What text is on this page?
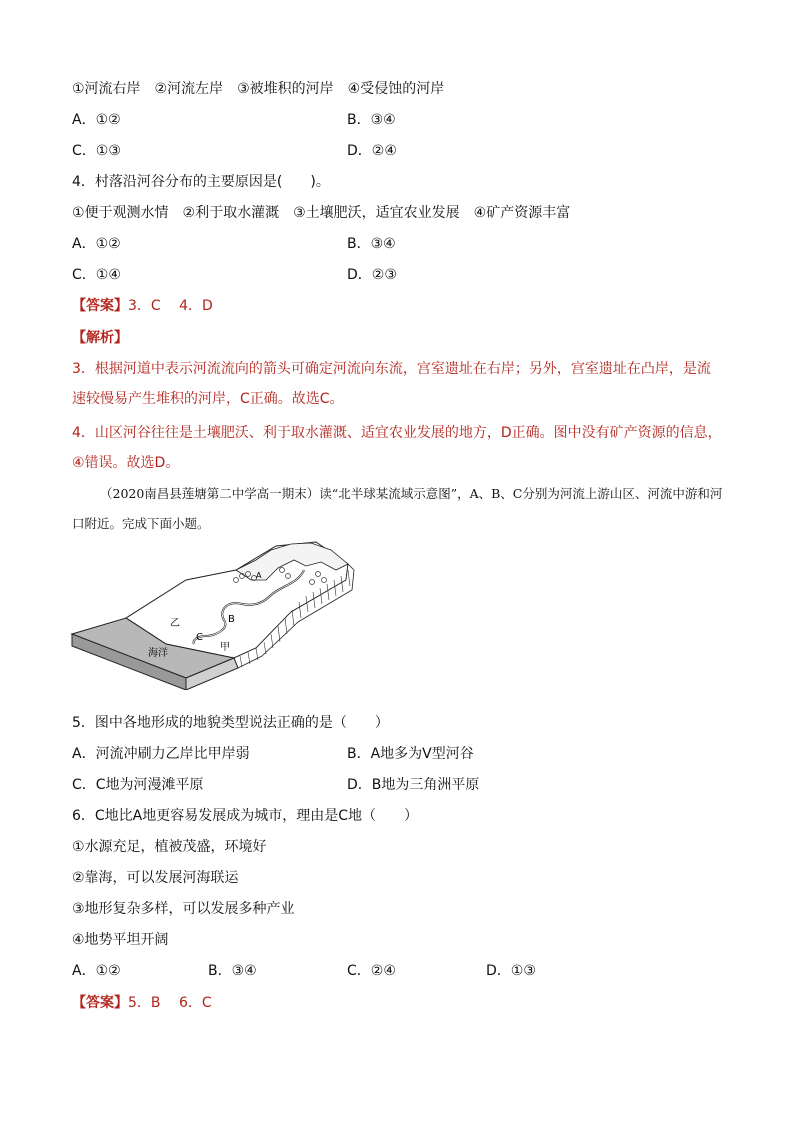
①河流右岸　②河流左岸　③被堆积的河岸　④受侵蚀的河岸
A．①②	B．③④
C．①③	D．②④
4．村落沿河谷分布的主要原因是(　　)。
①便于观测水情　②利于取水灌溉　③土壤肥沃，适宜农业发展　④矿产资源丰富
A．①②	B．③④
C．①④	D．②③
【答案】3．C　 4．D
【解析】
3．根据河道中表示河流流向的箭头可确定河流向东流，宫室遗址在右岸；另外，宫室遗址在凸岸，是流速较慢易产生堆积的河岸，C正确。故选C。
4．山区河谷往往是土壤肥沃、利于取水灌溉、适宜农业发展的地方，D正确。图中没有矿产资源的信息，④错误。故选D。
（2020南昌县莲塘第二中学高一期末）读“北半球某流域示意图”，A、B、C分别为河流上游山区、河流中游和河口附近。完成下面小题。
海洋
A
B
C
乙
甲
5．图中各地形成的地貌类型说法正确的是（　　）
A．河流冲刷力乙岸比甲岸弱	B．A地多为V型河谷
C．C地为河漫滩平原	D．B地为三角洲平原
6．C地比A地更容易发展成为城市，理由是C地（　　）
①水源充足，植被茂盛，环境好
②靠海，可以发展河海联运
③地形复杂多样，可以发展多种产业
④地势平坦开阔
A．①②	B．③④	C．②④	D．①③
【答案】5．B　 6．C
